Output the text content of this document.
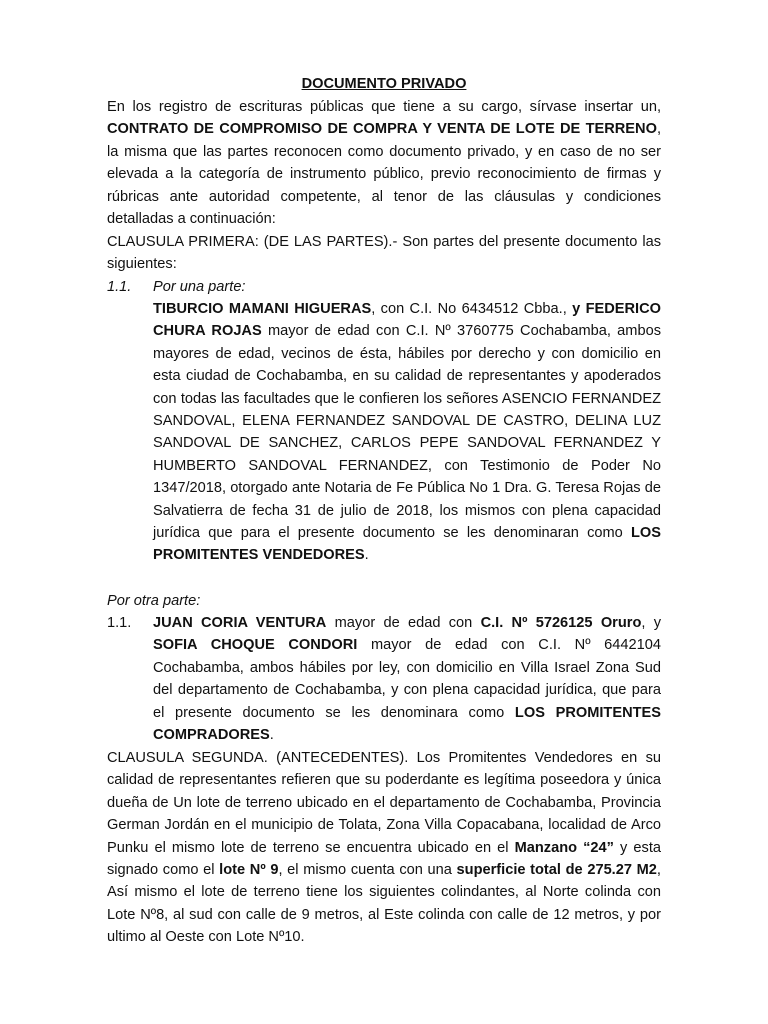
DOCUMENTO PRIVADO
En los registro de escrituras públicas que tiene a su cargo, sírvase insertar un, CONTRATO DE COMPROMISO DE COMPRA Y VENTA DE LOTE DE TERRENO, la misma que las partes reconocen como documento privado, y en caso de no ser elevada a la categoría de instrumento público, previo reconocimiento de firmas y rúbricas ante autoridad competente, al tenor de las cláusulas y condiciones detalladas a continuación:
CLAUSULA PRIMERA: (DE LAS PARTES).- Son partes del presente documento las siguientes:
1.1. Por una parte:
TIBURCIO MAMANI HIGUERAS, con C.I. No 6434512 Cbba., y FEDERICO CHURA ROJAS mayor de edad con C.I. Nº 3760775 Cochabamba, ambos mayores de edad, vecinos de ésta, hábiles por derecho y con domicilio en esta ciudad de Cochabamba, en su calidad de representantes y apoderados con todas las facultades que le confieren los señores ASENCIO FERNANDEZ SANDOVAL, ELENA FERNANDEZ SANDOVAL DE CASTRO, DELINA LUZ SANDOVAL DE SANCHEZ, CARLOS PEPE SANDOVAL FERNANDEZ Y HUMBERTO SANDOVAL FERNANDEZ, con Testimonio de Poder No 1347/2018, otorgado ante Notaria de Fe Pública No 1 Dra. G. Teresa Rojas de Salvatierra de fecha 31 de julio de 2018, los mismos con plena capacidad jurídica que para el presente documento se les denominaran como LOS PROMITENTES VENDEDORES.
Por otra parte:
1.1. JUAN CORIA VENTURA mayor de edad con C.I. Nº 5726125 Oruro, y SOFIA CHOQUE CONDORI mayor de edad con C.I. Nº 6442104 Cochabamba, ambos hábiles por ley, con domicilio en Villa Israel Zona Sud del departamento de Cochabamba, y con plena capacidad jurídica, que para el presente documento se les denominara como LOS PROMITENTES COMPRADORES.
CLAUSULA SEGUNDA. (ANTECEDENTES). Los Promitentes Vendedores en su calidad de representantes refieren que su poderdante es legítima poseedora y única dueña de Un lote de terreno ubicado en el departamento de Cochabamba, Provincia German Jordán en el municipio de Tolata, Zona Villa Copacabana, localidad de Arco Punku el mismo lote de terreno se encuentra ubicado en el Manzano “24” y esta signado como el lote Nº 9, el mismo cuenta con una superficie total de 275.27 M2, Así mismo el lote de terreno tiene los siguientes colindantes, al Norte colinda con Lote Nº8, al sud con calle de 9 metros, al Este colinda con calle de 12 metros, y por ultimo al Oeste con Lote Nº10.
